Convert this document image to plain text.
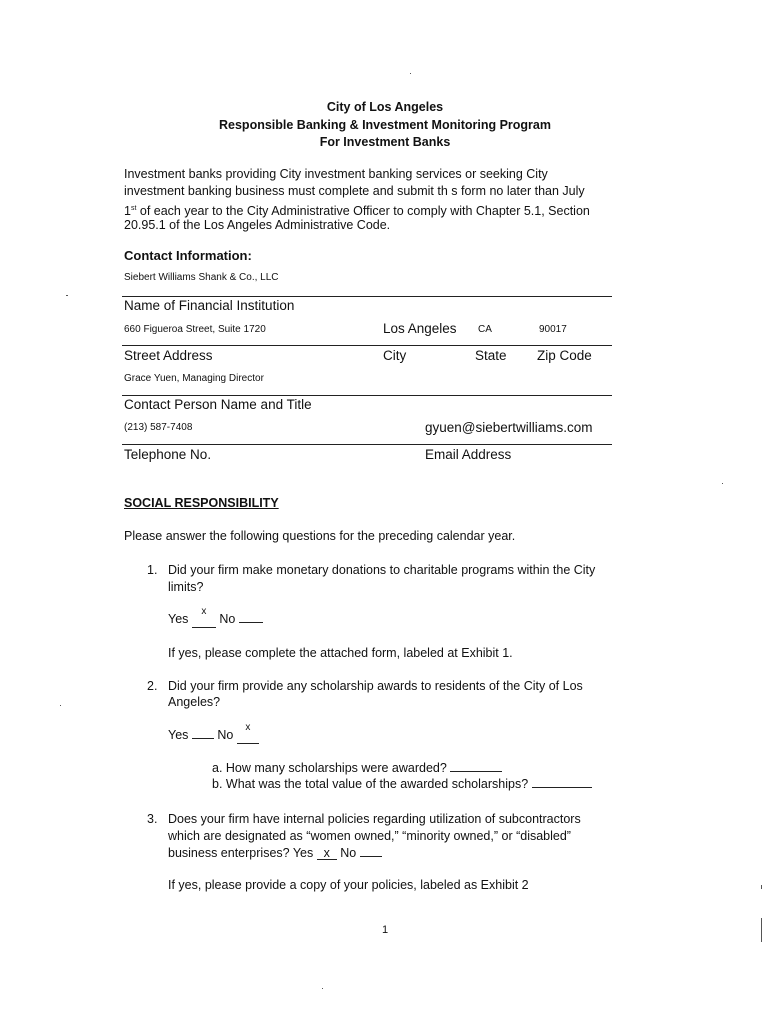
City of Los Angeles
Responsible Banking & Investment Monitoring Program
For Investment Banks
Investment banks providing City investment banking services or seeking City
investment banking business must complete and submit th s form no later than July
1st of each year to the City Administrative Officer to comply with Chapter 5.1, Section
20.95.1 of the Los Angeles Administrative Code.
Contact Information:
Siebert Williams Shank & Co., LLC
Name of Financial Institution
660 Figueroa Street, Suite 1720	Los Angeles CA	90017
Street Address	City	State Zip Code
Grace Yuen, Managing Director
Contact Person Name and Title
(213) 587-7408	gyuen@siebertwilliams.com
Telephone No.	Email Address
SOCIAL RESPONSIBILITY
Please answer the following questions for the preceding calendar year.
1. Did your firm make monetary donations to charitable programs within the City
limits?
Yes $^x$ No
If yes, please complete the attached form, labeled at Exhibit 1.
2. Did your firm provide any scholarship awards to residents of the City of Los
Angeles?
Yes No $^x$
a. How many scholarships were awarded?
b. What was the total value of the awarded scholarships?
3. Does your firm have internal policies regarding utilization of subcontractors
which are designated as “women owned,” “minority owned,” or “disabled”
business enterprises? Yes x No
If yes, please provide a copy of your policies, labeled as Exhibit 2
1
